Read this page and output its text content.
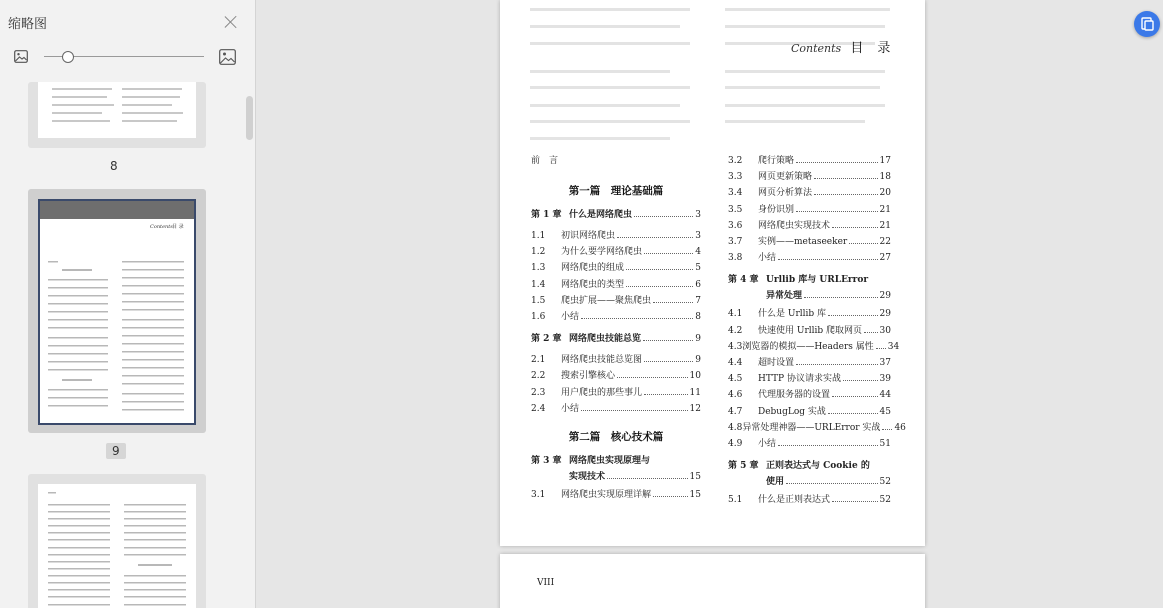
缩略图
8
Contents 目 录
9
Contents 目录
前　言
第一篇　理论基础篇
第 1 章 什么是网络爬虫	3
1.1	初识网络爬虫	3
1.2	为什么要学网络爬虫	4
1.3	网络爬虫的组成	5
1.4	网络爬虫的类型	6
1.5	爬虫扩展——聚焦爬虫	7
1.6	小结	8
第 2 章 网络爬虫技能总览	9
2.1	网络爬虫技能总览图	9
2.2	搜索引擎核心	10
2.3	用户爬虫的那些事儿	11
2.4	小结	12
第二篇　核心技术篇
第 3 章 网络爬虫实现原理与
实现技术	15
3.1	网络爬虫实现原理详解	15
3.2	爬行策略	17
3.3	网页更新策略	18
3.4	网页分析算法	20
3.5	身份识别	21
3.6	网络爬虫实现技术	21
3.7	实例——metaseeker	22
3.8	小结	27
第 4 章 Urllib 库与 URLError
异常处理	29
4.1	什么是 Urllib 库	29
4.2	快速使用 Urllib 爬取网页 30
4.3 浏览器的模拟——Headers 属性 34
4.4	超时设置	37
4.5	HTTP 协议请求实战	39
4.6	代理服务器的设置	44
4.7	DebugLog 实战	45
4.8 异常处理神器——URLError 实战 46
4.9	小结	51
第 5 章 正则表达式与 Cookie 的
使用	52
5.1	什么是正则表达式	52
VIII
